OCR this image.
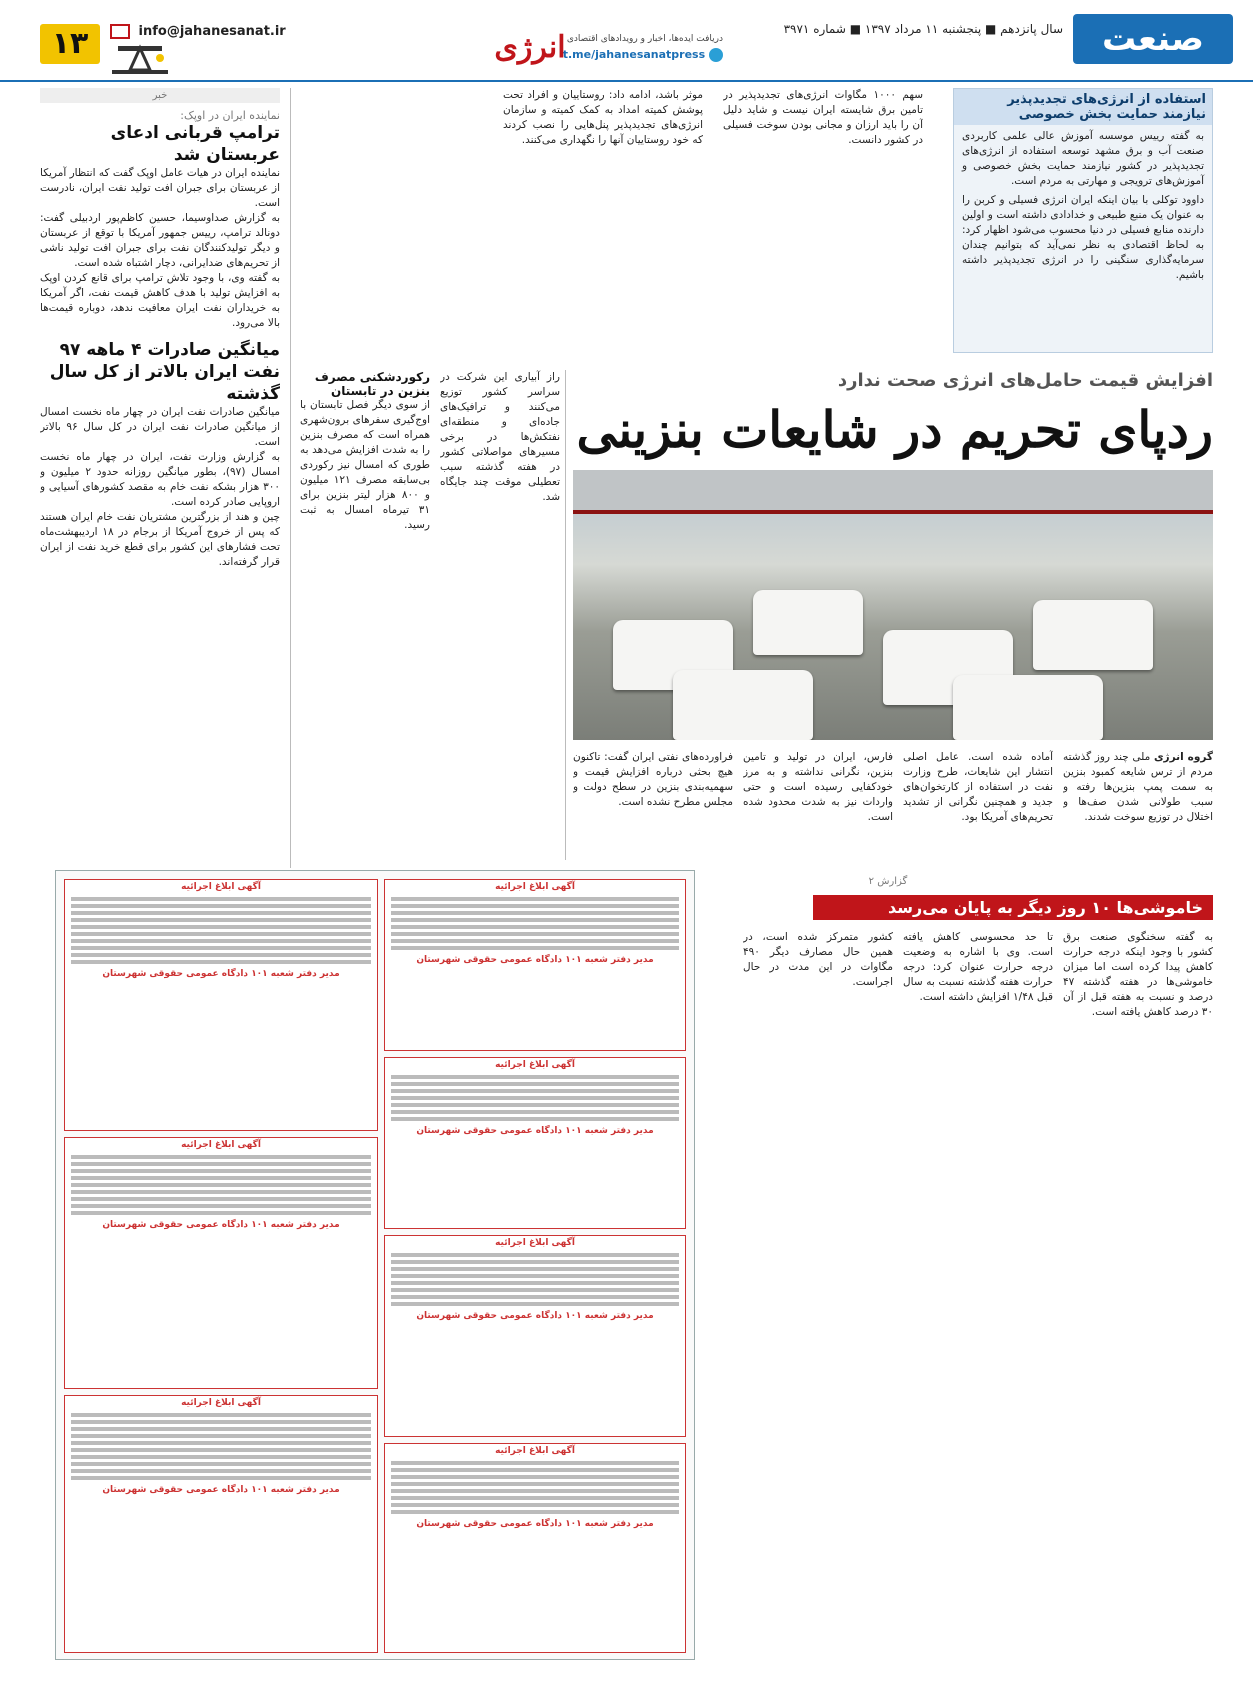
صنعت
سال پانزدهم ■ پنجشنبه ۱۱ مرداد ۱۳۹۷ ■ شماره ۳۹۷۱
دریافت ایده‌ها، اخبار و رویدادهای اقتصادی
t.me/jahanesanatpress
انرژی
info@jahanesanat.ir
۱۳
استفاده از انرژی‌های تجدیدپذیر نیازمند حمایت بخش خصوصی
به گفته رییس موسسه آموزش عالی علمی کاربردی صنعت آب و برق مشهد توسعه استفاده از انرژی‌های تجدیدپذیر در کشور نیازمند حمایت بخش خصوصی و آموزش‌های ترویجی و مهارتی به مردم است.
داوود توکلی با بیان اینکه ایران انرژی فسیلی و کربن را به عنوان یک منبع طبیعی و خدادادی داشته است و اولین دارنده منابع فسیلی در دنیا محسوب می‌شود اظهار کرد: به لحاظ اقتصادی به نظر نمی‌آید که بتوانیم چندان سرمایه‌گذاری سنگینی را در انرژی تجدیدپذیر داشته باشیم.
سهم ۱۰۰۰ مگاوات انرژی‌های تجدیدپذیر در تامین برق شایسته ایران نیست و شاید دلیل آن را باید ارزان و مجانی بودن سوخت فسیلی در کشور دانست.
موثر باشد، ادامه داد: روستاییان و افراد تحت پوشش کمیته امداد به کمک کمیته و سازمان انرژی‌های تجدیدپذیر پنل‌هایی را نصب کردند که خود روستاییان آنها را نگهداری می‌کنند.
افزایش قیمت حامل‌های انرژی صحت ندارد
ردپای تحریم در شایعات بنزینی
گروه انرژی ملی چند روز گذشته مردم از ترس شایعه کمبود بنزین به سمت پمپ بنزین‌ها رفته و سبب طولانی شدن صف‌ها و اختلال در توزیع سوخت شدند.
آماده شده است. عامل اصلی انتشار این شایعات، طرح وزارت نفت در استفاده از کارتخوان‌های جدید و همچنین نگرانی از تشدید تحریم‌های آمریکا بود.
فارس، ایران در تولید و تامین بنزین، نگرانی نداشته و به مرز خودکفایی رسیده است و حتی واردات نیز به شدت محدود شده است.
فراورده‌های نفتی ایران گفت: تاکنون هیچ بحثی درباره افزایش قیمت و سهمیه‌بندی بنزین در سطح دولت و مجلس مطرح نشده است.
راز آبیاری این شرکت در سراسر کشور توزیع می‌کنند و ترافیک‌های جاده‌ای و منطقه‌ای نفتکش‌ها در برخی مسیرهای مواصلاتی کشور در هفته گذشته سبب تعطیلی موقت چند جایگاه شد.
رکوردشکنی مصرف بنزین در تابستان
از سوی دیگر فصل تابستان با اوج‌گیری سفرهای برون‌شهری همراه است که مصرف بنزین را به شدت افزایش می‌دهد به طوری که امسال نیز رکوردی بی‌سابقه مصرف ۱۲۱ میلیون و ۸۰۰ هزار لیتر بنزین برای ۳۱ تیرماه امسال به ثبت رسید.
گزارش ۲
خاموشی‌ها ۱۰ روز دیگر به پایان می‌رسد
به گفته سخنگوی صنعت برق کشور با وجود اینکه درجه حرارت کاهش پیدا کرده است اما میزان خاموشی‌ها در هفته گذشته ۴۷ درصد و نسبت به هفته قبل از آن ۳۰ درصد کاهش یافته است.
تا حد محسوسی کاهش یافته است. وی با اشاره به وضعیت درجه حرارت عنوان کرد: درجه حرارت هفته گذشته نسبت به سال قبل ۱/۴۸ افزایش داشته است.
کشور متمرکز شده است، در همین حال مصارف دیگر ۴۹۰ مگاوات در این مدت در حال اجراست.
آگهی ابلاغ اجرائیه
مدیر دفتر شعبه ۱۰۱ دادگاه عمومی حقوقی شهرستان
آگهی ابلاغ اجرائیه
مدیر دفتر شعبه ۱۰۱ دادگاه عمومی حقوقی شهرستان
آگهی ابلاغ اجرائیه
مدیر دفتر شعبه ۱۰۱ دادگاه عمومی حقوقی شهرستان
آگهی ابلاغ اجرائیه
مدیر دفتر شعبه ۱۰۱ دادگاه عمومی حقوقی شهرستان
آگهی ابلاغ اجرائیه
مدیر دفتر شعبه ۱۰۱ دادگاه عمومی حقوقی شهرستان
آگهی ابلاغ اجرائیه
مدیر دفتر شعبه ۱۰۱ دادگاه عمومی حقوقی شهرستان
آگهی ابلاغ اجرائیه
مدیر دفتر شعبه ۱۰۱ دادگاه عمومی حقوقی شهرستان
خبر
نماینده ایران در اوپک:
ترامپ قربانی ادعای عربستان شد
نماینده ایران در هیات عامل اوپک گفت که انتظار آمریکا از عربستان برای جبران افت تولید نفت ایران، نادرست است.
به گزارش صداوسیما، حسین کاظم‌پور اردبیلی گفت: دونالد ترامپ، رییس جمهور آمریکا با توقع از عربستان و دیگر تولیدکنندگان نفت برای جبران افت تولید ناشی از تحریم‌های ضدایرانی، دچار اشتباه شده است.
به گفته وی، با وجود تلاش ترامپ برای قانع کردن اوپک به افزایش تولید با هدف کاهش قیمت نفت، اگر آمریکا به خریداران نفت ایران معافیت ندهد، دوباره قیمت‌ها بالا می‌رود.
میانگین صادرات ۴ ماهه ۹۷ نفت ایران بالاتر از کل سال گذشته
میانگین صادرات نفت ایران در چهار ماه نخست امسال از میانگین صادرات نفت ایران در کل سال ۹۶ بالاتر است.
به گزارش وزارت نفت، ایران در چهار ماه نخست امسال (۹۷)، بطور میانگین روزانه حدود ۲ میلیون و ۳۰۰ هزار بشکه نفت خام به مقصد کشورهای آسیایی و اروپایی صادر کرده است.
چین و هند از بزرگترین مشتریان نفت خام ایران هستند که پس از خروج آمریکا از برجام در ۱۸ اردیبهشت‌ماه تحت فشارهای این کشور برای قطع خرید نفت از ایران قرار گرفته‌اند.
